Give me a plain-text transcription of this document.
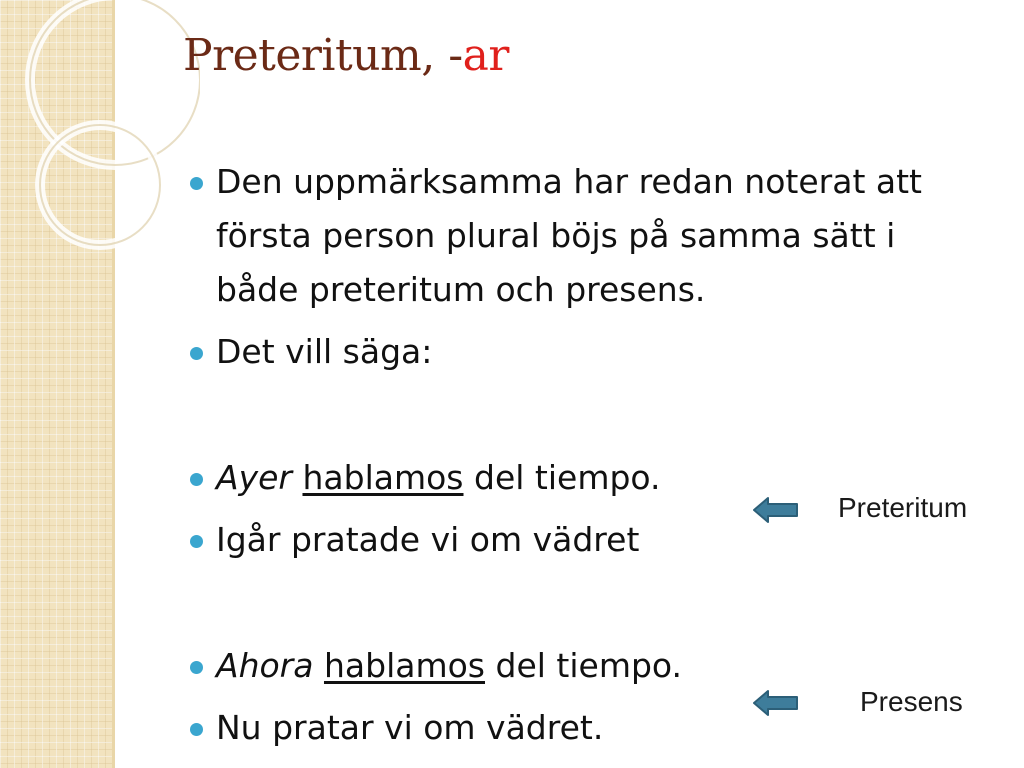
Preteritum, -ar
Den uppmärksamma har redan noterat att första person plural böjs på samma sätt i både preteritum och presens.
Det vill säga:
Ayer hablamos del tiempo.
Igår pratade vi om vädret
Ahora hablamos del tiempo.
Nu pratar vi om vädret.
Preteritum
Presens
